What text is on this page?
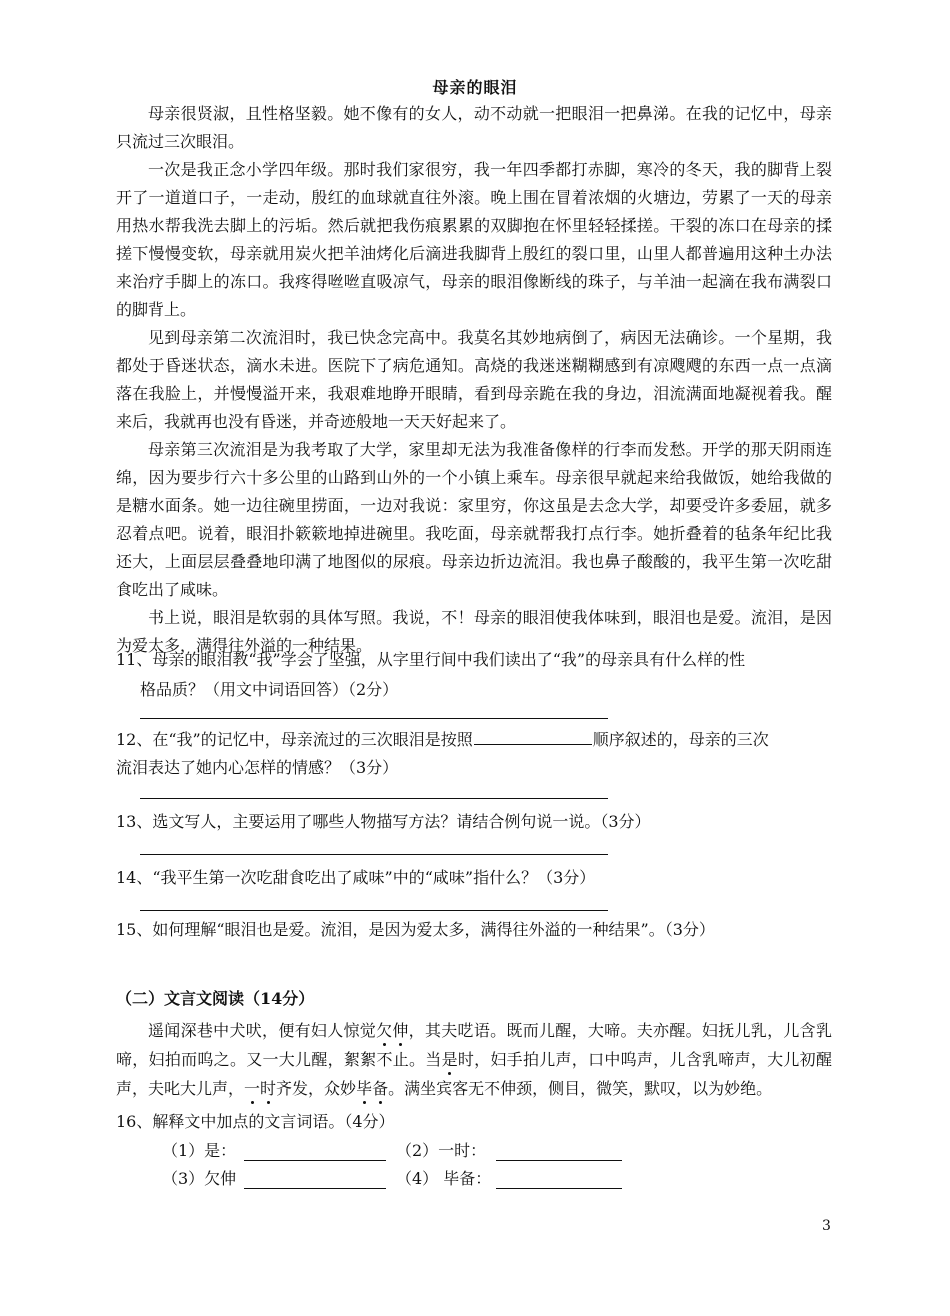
母亲的眼泪

母亲很贤淑，且性格坚毅。她不像有的女人，动不动就一把眼泪一把鼻涕。在我的记忆中，母亲只流过三次眼泪。

一次是我正念小学四年级。那时我们家很穷，我一年四季都打赤脚，寒冷的冬天，我的脚背上裂开了一道道口子，一走动，殷红的血球就直往外滚。晚上围在冒着浓烟的火塘边，劳累了一天的母亲用热水帮我洗去脚上的污垢。然后就把我伤痕累累的双脚抱在怀里轻轻揉搓。干裂的冻口在母亲的揉搓下慢慢变软，母亲就用炭火把羊油烤化后滴进我脚背上殷红的裂口里，山里人都普遍用这种土办法来治疗手脚上的冻口。我疼得咝咝直吸凉气，母亲的眼泪像断线的珠子，与羊油一起滴在我布满裂口的脚背上。

见到母亲第二次流泪时，我已快念完高中。我莫名其妙地病倒了，病因无法确诊。一个星期，我都处于昏迷状态，滴水未进。医院下了病危通知。高烧的我迷迷糊糊感到有凉飕飕的东西一点一点滴落在我脸上，并慢慢溢开来，我艰难地睁开眼睛，看到母亲跪在我的身边，泪流满面地凝视着我。醒来后，我就再也没有昏迷，并奇迹般地一天天好起来了。

母亲第三次流泪是为我考取了大学，家里却无法为我准备像样的行李而发愁。开学的那天阴雨连绵，因为要步行六十多公里的山路到山外的一个小镇上乘车。母亲很早就起来给我做饭，她给我做的是糖水面条。她一边往碗里捞面，一边对我说：家里穷，你这虽是去念大学，却要受许多委屈，就多忍着点吧。说着，眼泪扑簌簌地掉进碗里。我吃面，母亲就帮我打点行李。她折叠着的毡条年纪比我还大，上面层层叠叠地印满了地图似的尿痕。母亲边折边流泪。我也鼻子酸酸的，我平生第一次吃甜食吃出了咸味。

书上说，眼泪是软弱的具体写照。我说，不！母亲的眼泪使我体味到，眼泪也是爱。流泪，是因为爱太多，满得往外溢的一种结果。

11、母亲的眼泪教“我”学会了坚强，从字里行间中我们读出了“我”的母亲具有什么样的性
格品质？（用文中词语回答）（2分）
12、在“我”的记忆中，母亲流过的三次眼泪是按照	顺序叙述的，母亲的三次
流泪表达了她内心怎样的情感？（3分）
13、选文写人，主要运用了哪些人物描写方法？请结合例句说一说。（3分）
14、“我平生第一次吃甜食吃出了咸味”中的“咸味”指什么？（3分）
15、如何理解“眼泪也是爱。流泪，是因为爱太多，满得往外溢的一种结果”。（3分）
（二）文言文阅读（14分）

遥闻深巷中犬吠，便有妇人惊觉欠伸，其夫呓语。既而儿醒，大啼。夫亦醒。妇抚儿乳，儿含乳啼，妇拍而呜之。又一大儿醒，絮絮不止。当是时，妇手拍儿声，口中呜声，儿含乳啼声，大儿初醒声，夫叱大儿声，一时齐发，众妙毕备。满坐宾客无不伸颈，侧目，微笑，默叹，以为妙绝。

16、解释文中加点的文言词语。（4分）
（1）是：	（2）一时：
（3）欠伸	（4） 毕备：
3
